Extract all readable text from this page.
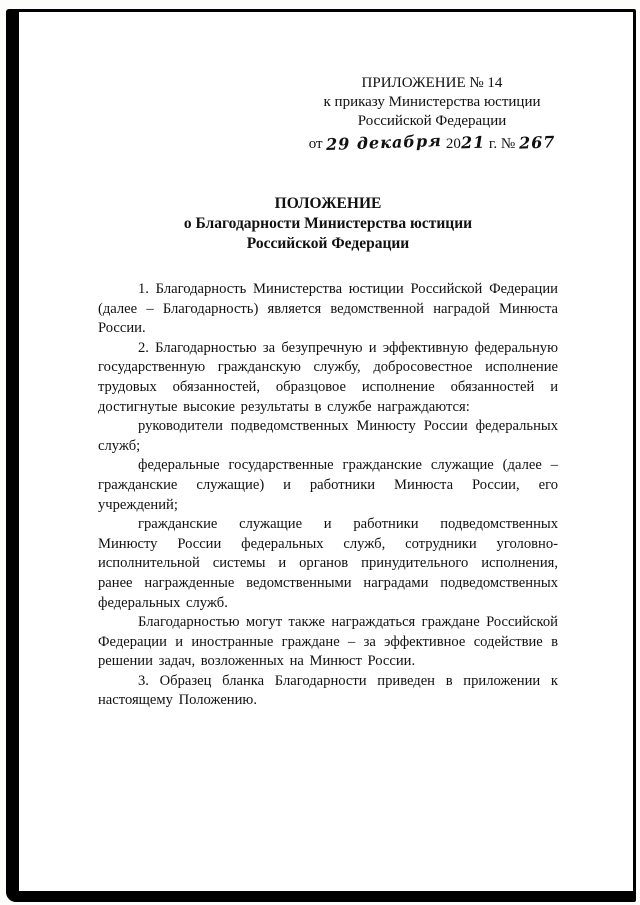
ПРИЛОЖЕНИЕ № 14
к приказу Министерства юстиции
Российской Федерации
от 29 декабря 2021 г. № 267
ПОЛОЖЕНИЕ
о Благодарности Министерства юстиции
Российской Федерации

1. Благодарность Министерства юстиции Российской Федерации (далее – Благодарность) является ведомственной наградой Минюста России.

2. Благодарностью за безупречную и эффективную федеральную государственную гражданскую службу, добросовестное исполнение трудовых обязанностей, образцовое исполнение обязанностей и достигнутые высокие результаты в службе награждаются:

руководители подведомственных Минюсту России федеральных служб;

федеральные государственные гражданские служащие (далее – гражданские служащие) и работники Минюста России, его учреждений;

гражданские служащие и работники подведомственных Минюсту России федеральных служб, сотрудники уголовно-исполнительной системы и органов принудительного исполнения, ранее награжденные ведомственными наградами подведомственных федеральных служб.

Благодарностью могут также награждаться граждане Российской Федерации и иностранные граждане – за эффективное содействие в решении задач, возложенных на Минюст России.

3. Образец бланка Благодарности приведен в приложении к настоящему Положению.
